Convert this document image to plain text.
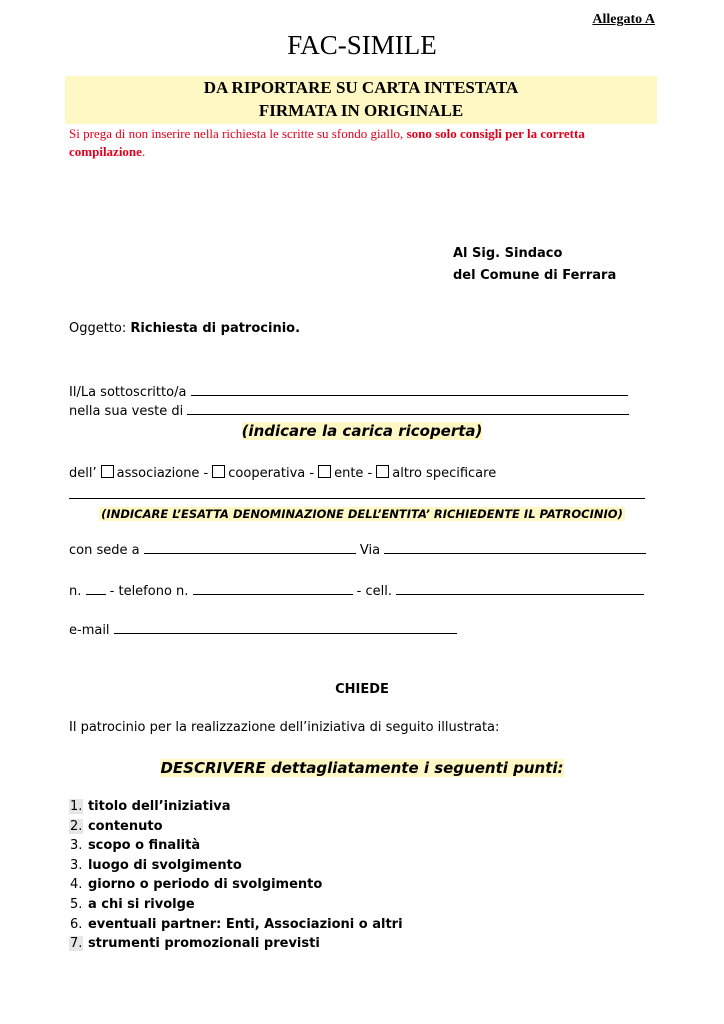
Allegato A
FAC-SIMILE
DA RIPORTARE SU CARTA INTESTATA
FIRMATA IN ORIGINALE
Si prega di non inserire nella richiesta le scritte su sfondo giallo, sono solo consigli per la corretta compilazione.
Al Sig. Sindaco
del Comune di Ferrara
Oggetto: Richiesta di patrocinio.
Il/La sottoscritto/a
nella sua veste di
(indicare la carica ricoperta)
dell’ associazione - cooperativa - ente - altro specificare
(INDICARE L’ESATTA DENOMINAZIONE DELL’ENTITA’ RICHIEDENTE IL PATROCINIO)
con sede a	Via
n.  - telefono n.	- cell.
e-mail
CHIEDE
Il patrocinio per la realizzazione dell’iniziativa di seguito illustrata:
DESCRIVERE dettagliatamente i seguenti punti:
1. titolo dell’iniziativa
2. contenuto
3. scopo o finalità
3. luogo di svolgimento
4. giorno o periodo di svolgimento
5. a chi si rivolge
6. eventuali partner: Enti, Associazioni o altri
7. strumenti promozionali previsti
